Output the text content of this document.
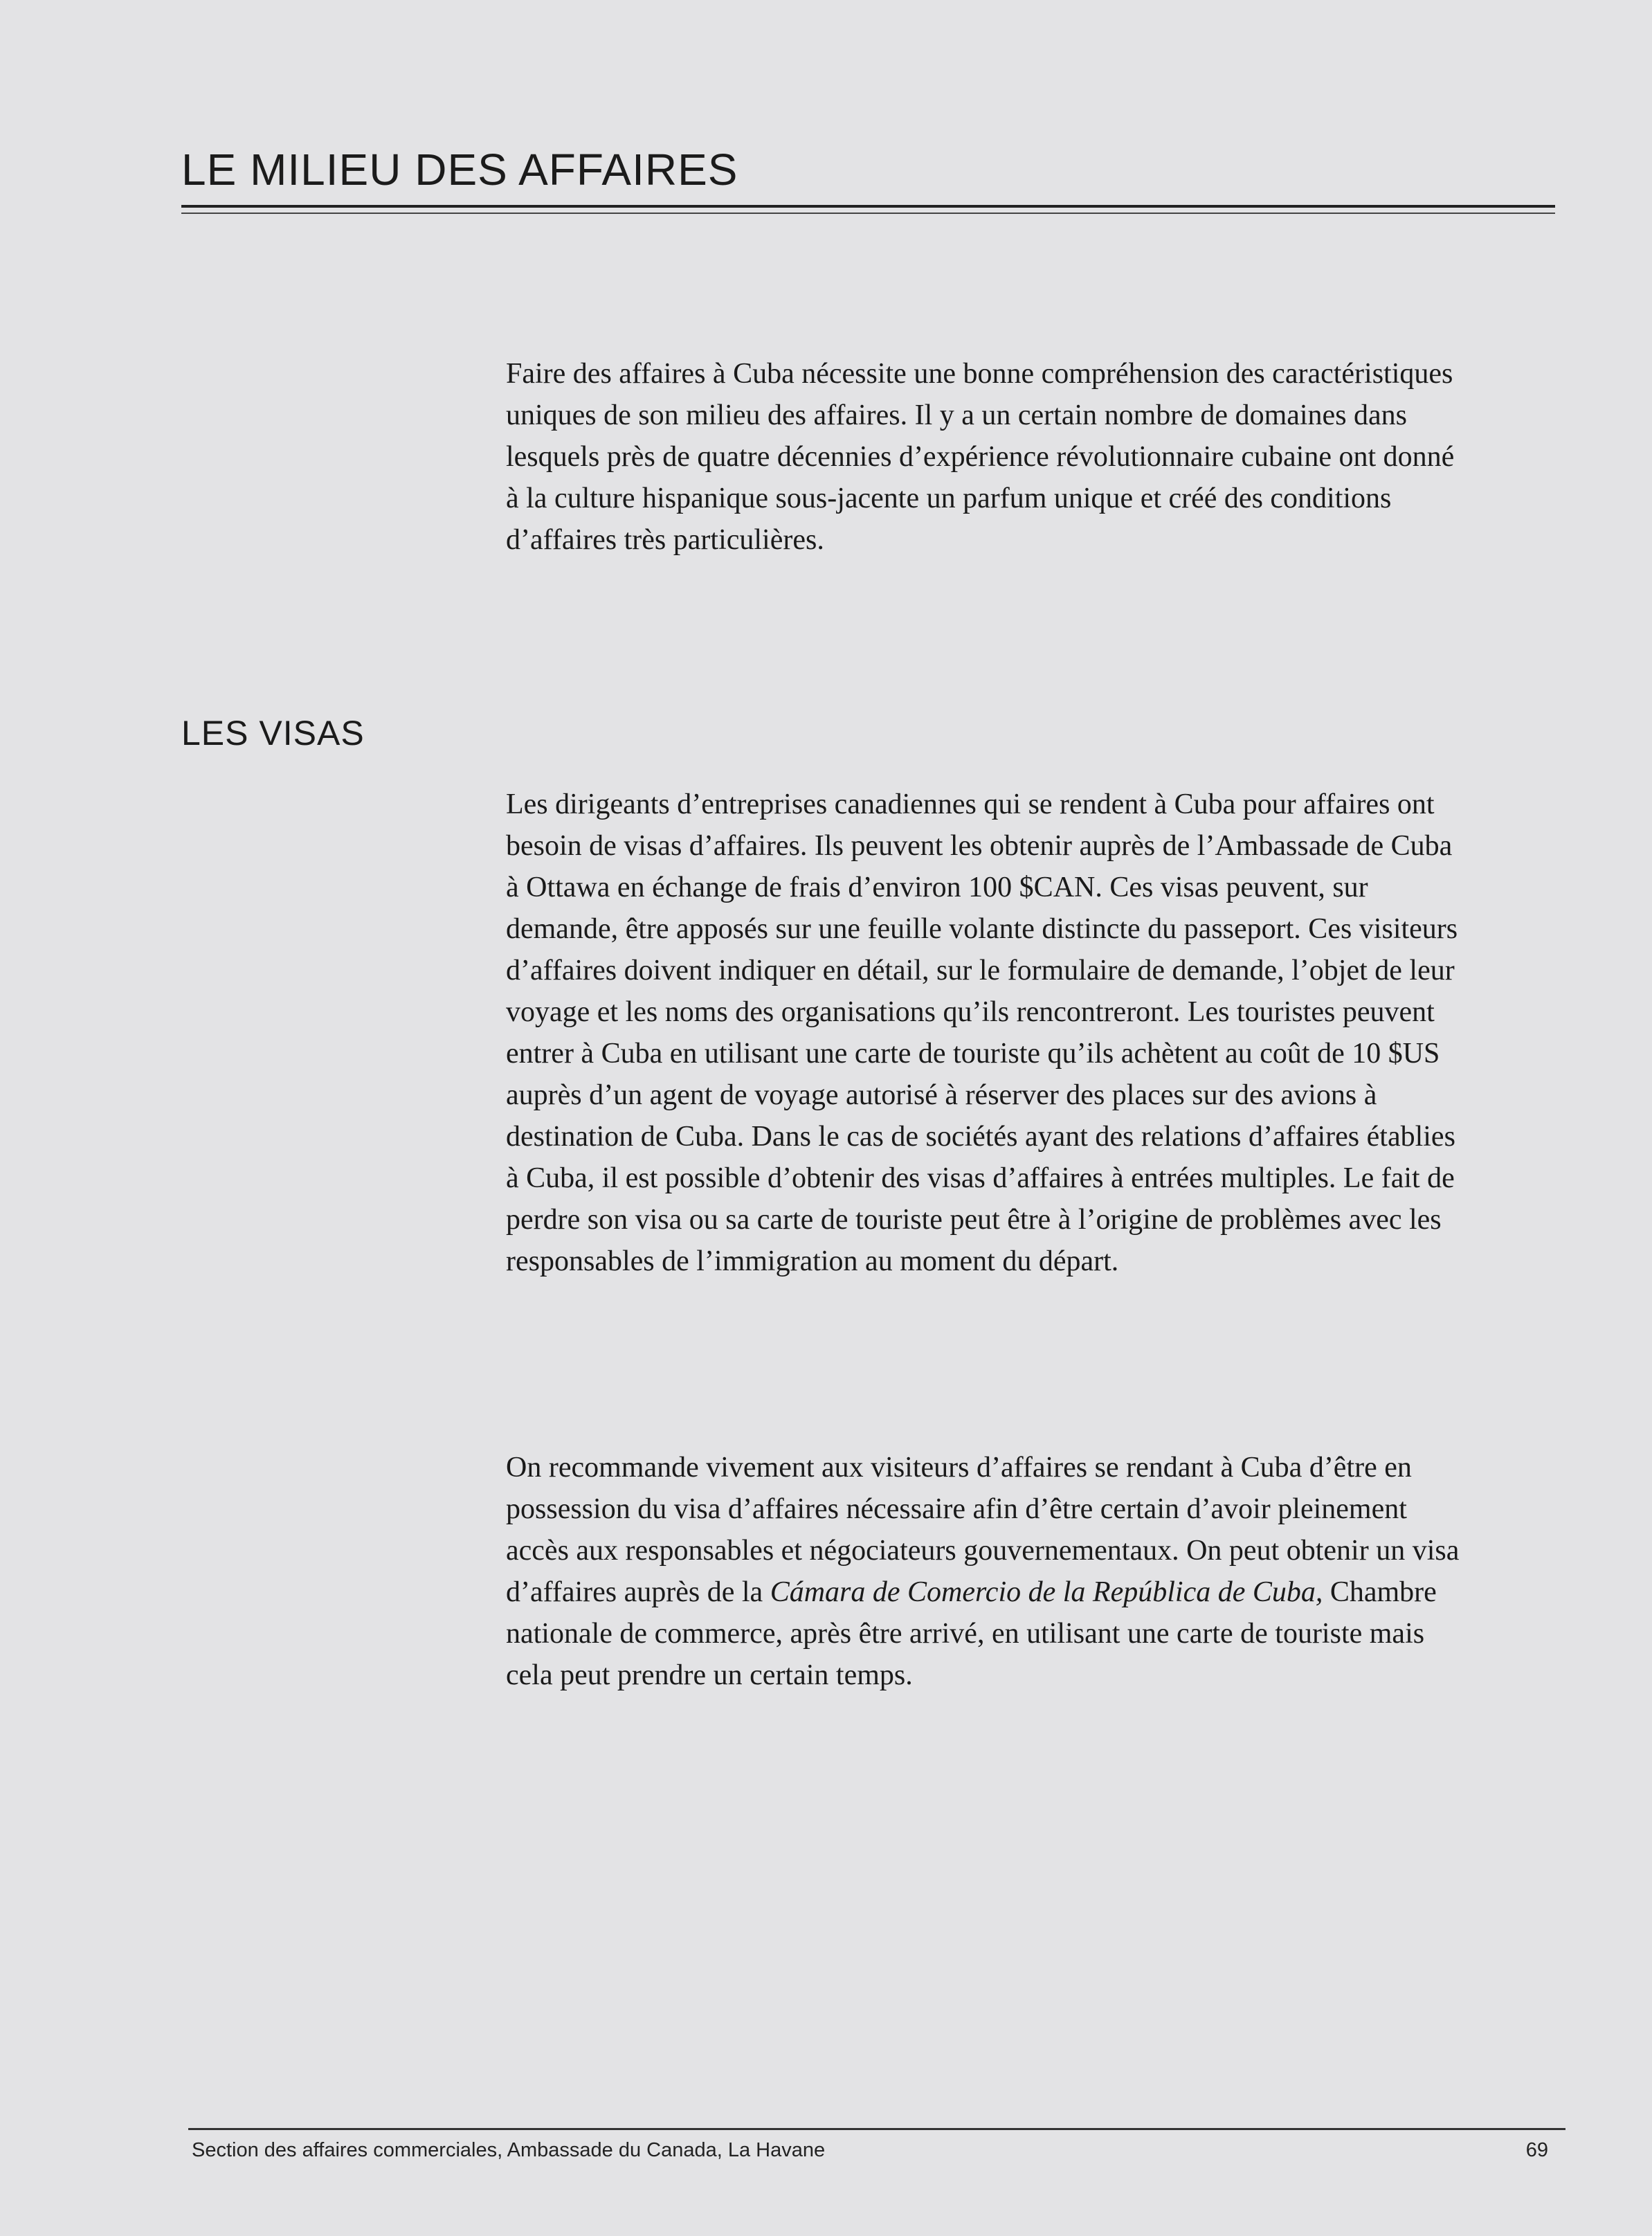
LE MILIEU DES AFFAIRES

Faire des affaires à Cuba nécessite une bonne compréhension des caractéristiques uniques de son milieu des affaires. Il y a un certain nombre de domaines dans lesquels près de quatre décennies d’expérience révolutionnaire cubaine ont donné à la culture hispanique sous-jacente un parfum unique et créé des conditions d’affaires très particulières.

LES VISAS

Les dirigeants d’entreprises canadiennes qui se rendent à Cuba pour affaires ont besoin de visas d’affaires. Ils peuvent les obtenir auprès de l’Ambassade de Cuba à Ottawa en échange de frais d’environ 100 $CAN. Ces visas peuvent, sur demande, être apposés sur une feuille volante distincte du passeport. Ces visiteurs d’affaires doivent indiquer en détail, sur le formulaire de demande, l’objet de leur voyage et les noms des organisations qu’ils rencontreront. Les touristes peuvent entrer à Cuba en utilisant une carte de touriste qu’ils achètent au coût de 10 $US auprès d’un agent de voyage autorisé à réserver des places sur des avions à destination de Cuba. Dans le cas de sociétés ayant des relations d’affaires établies à Cuba, il est possible d’obtenir des visas d’affaires à entrées multiples. Le fait de perdre son visa ou sa carte de touriste peut être à l’origine de problèmes avec les responsables de l’immigration au moment du départ.

On recommande vivement aux visiteurs d’affaires se rendant à Cuba d’être en possession du visa d’affaires nécessaire afin d’être certain d’avoir pleinement accès aux responsables et négociateurs gouvernementaux. On peut obtenir un visa d’affaires auprès de la Cámara de Comercio de la República de Cuba, Chambre nationale de commerce, après être arrivé, en utilisant une carte de touriste mais cela peut prendre un certain temps.

Section des affaires commerciales, Ambassade du Canada, La Havane	69
